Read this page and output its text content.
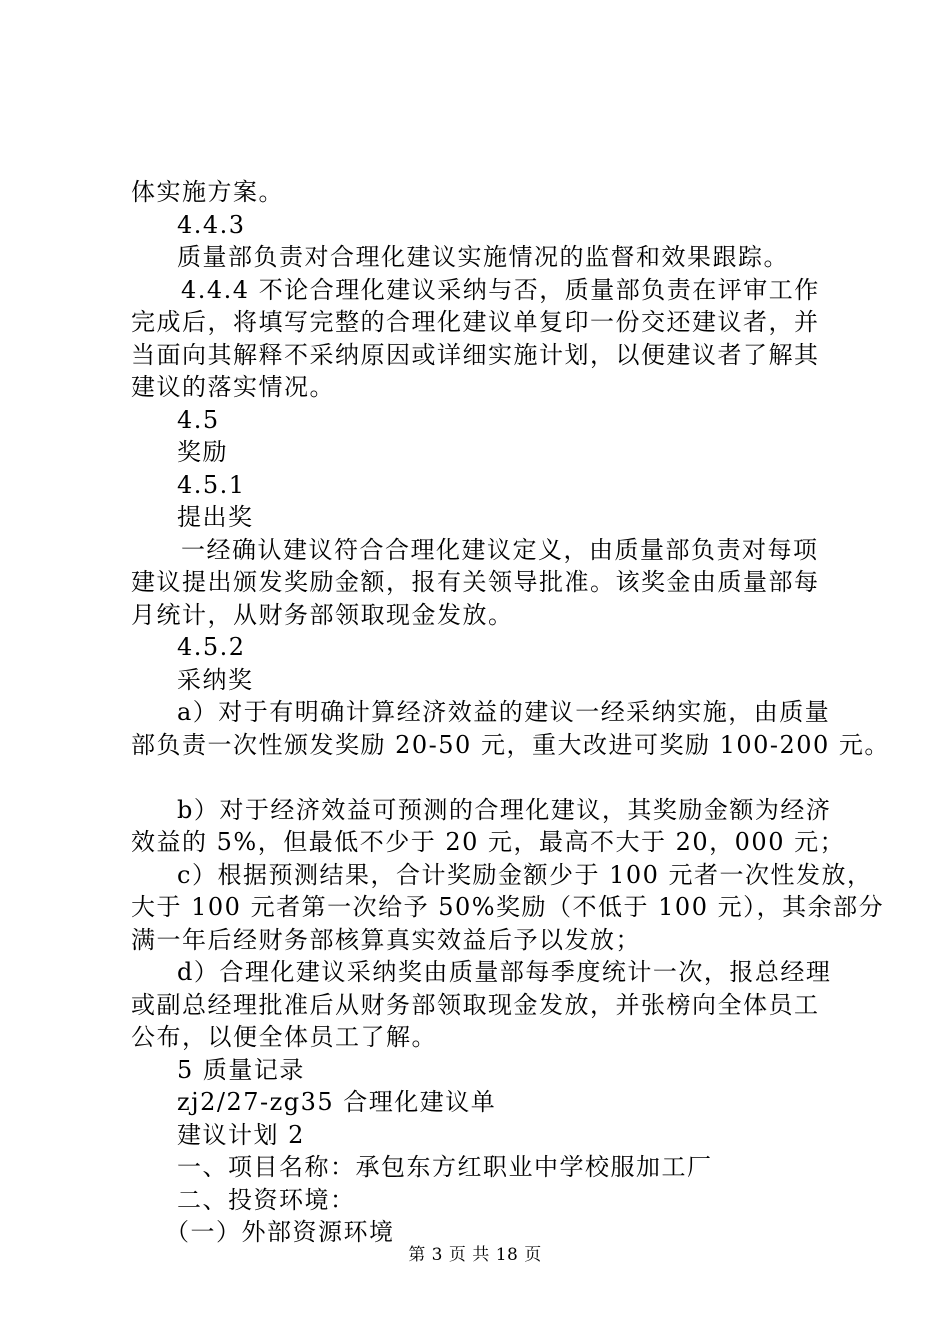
体实施方案。
4.4.3
质量部负责对合理化建议实施情况的监督和效果跟踪。
4.4.4 不论合理化建议采纳与否，质量部负责在评审工作
完成后，将填写完整的合理化建议单复印一份交还建议者，并
当面向其解释不采纳原因或详细实施计划，以便建议者了解其
建议的落实情况。
4.5
奖励
4.5.1
提出奖
一经确认建议符合合理化建议定义，由质量部负责对每项
建议提出颁发奖励金额，报有关领导批准。该奖金由质量部每
月统计，从财务部领取现金发放。
4.5.2
采纳奖
a）对于有明确计算经济效益的建议一经采纳实施，由质量
部负责一次性颁发奖励 20-50 元，重大改进可奖励 100-200 元。
b）对于经济效益可预测的合理化建议，其奖励金额为经济
效益的 5%，但最低不少于 20 元，最高不大于 20，000 元；
c）根据预测结果，合计奖励金额少于 100 元者一次性发放，
大于 100 元者第一次给予 50%奖励（不低于 100 元），其余部分
满一年后经财务部核算真实效益后予以发放；
d）合理化建议采纳奖由质量部每季度统计一次，报总经理
或副总经理批准后从财务部领取现金发放，并张榜向全体员工
公布，以便全体员工了解。
5 质量记录
zj2/27-zg35 合理化建议单
建议计划 2
一、项目名称：承包东方红职业中学校服加工厂
二、投资环境：
（一）外部资源环境
第 3 页 共 18 页
